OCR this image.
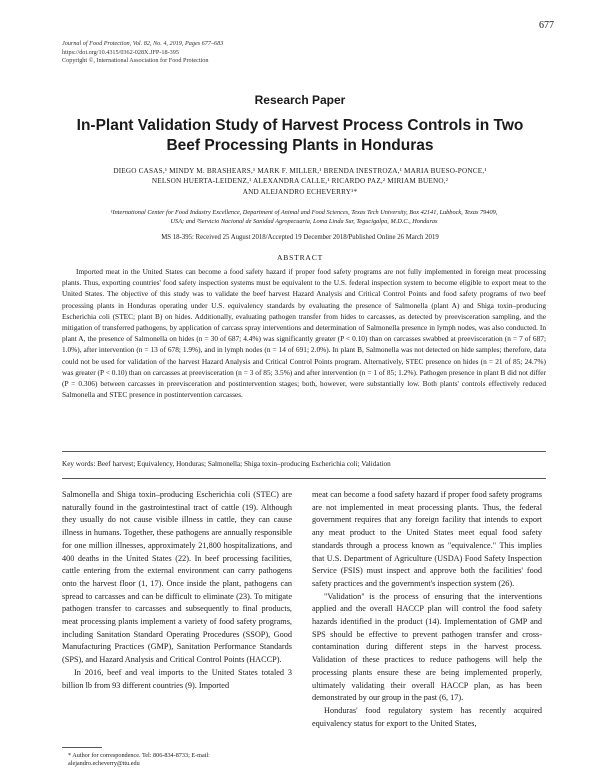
677
Journal of Food Protection, Vol. 82, No. 4, 2019, Pages 677–683
https://doi.org/10.4315/0362-028X.JFP-18-395
Copyright ©, International Association for Food Protection
Research Paper
In-Plant Validation Study of Harvest Process Controls in Two
Beef Processing Plants in Honduras
DIEGO CASAS,¹ MINDY M. BRASHEARS,¹ MARK F. MILLER,¹ BRENDA INESTROZA,¹ MARIA BUESO-PONCE,¹
NELSON HUERTA-LEIDENZ,¹ ALEXANDRA CALLE,¹ RICARDO PAZ,² MIRIAM BUENO,²
AND ALEJANDRO ECHEVERRY¹*
¹International Center for Food Industry Excellence, Department of Animal and Food Sciences, Texas Tech University, Box 42141, Lubbock, Texas 79409,
USA; and ²Servicio Nacional de Sanidad Agropecuaria, Loma Linda Sur, Tegucigalpa, M.D.C., Honduras
MS 18-395: Received 25 August 2018/Accepted 19 December 2018/Published Online 26 March 2019
ABSTRACT
Imported meat in the United States can become a food safety hazard if proper food safety programs are not fully implemented in foreign meat processing plants. Thus, exporting countries' food safety inspection systems must be equivalent to the U.S. federal inspection system to become eligible to export meat to the United States. The objective of this study was to validate the beef harvest Hazard Analysis and Critical Control Points and food safety programs of two beef processing plants in Honduras operating under U.S. equivalency standards by evaluating the presence of Salmonella (plant A) and Shiga toxin–producing Escherichia coli (STEC; plant B) on hides. Additionally, evaluating pathogen transfer from hides to carcasses, as detected by preevisceration sampling, and the mitigation of transferred pathogens, by application of carcass spray interventions and determination of Salmonella presence in lymph nodes, was also conducted. In plant A, the presence of Salmonella on hides (n = 30 of 687; 4.4%) was significantly greater (P < 0.10) than on carcasses swabbed at preevisceration (n = 7 of 687; 1.0%), after intervention (n = 13 of 678; 1.9%), and in lymph nodes (n = 14 of 691; 2.0%). In plant B, Salmonella was not detected on hide samples; therefore, data could not be used for validation of the harvest Hazard Analysis and Critical Control Points program. Alternatively, STEC presence on hides (n = 21 of 85; 24.7%) was greater (P < 0.10) than on carcasses at preevisceration (n = 3 of 85; 3.5%) and after intervention (n = 1 of 85; 1.2%). Pathogen presence in plant B did not differ (P = 0.306) between carcasses in preevisceration and postintervention stages; both, however, were substantially low. Both plants' controls effectively reduced Salmonella and STEC presence in postintervention carcasses.
Key words: Beef harvest; Equivalency, Honduras; Salmonella; Shiga toxin–producing Escherichia coli; Validation

Salmonella and Shiga toxin–producing Escherichia coli (STEC) are naturally found in the gastrointestinal tract of cattle (19). Although they usually do not cause visible illness in cattle, they can cause illness in humans. Together, these pathogens are annually responsible for one million illnesses, approximately 21,800 hospitalizations, and 400 deaths in the United States (22). In beef processing facilities, cattle entering from the external environment can carry pathogens onto the harvest floor (1, 17). Once inside the plant, pathogens can spread to carcasses and can be difficult to eliminate (23). To mitigate pathogen transfer to carcasses and subsequently to final products, meat processing plants implement a variety of food safety programs, including Sanitation Standard Operating Procedures (SSOP), Good Manufacturing Practices (GMP), Sanitation Performance Standards (SPS), and Hazard Analysis and Critical Control Points (HACCP).

In 2016, beef and veal imports to the United States totaled 3 billion lb from 93 different countries (9). Imported

* Author for correspondence. Tel: 806-834-8733; E-mail:
alejandro.echeverry@ttu.edu

meat can become a food safety hazard if proper food safety programs are not implemented in meat processing plants. Thus, the federal government requires that any foreign facility that intends to export any meat product to the United States meet equal food safety standards through a process known as "equivalence." This implies that U.S. Department of Agriculture (USDA) Food Safety Inspection Service (FSIS) must inspect and approve both the facilities' food safety practices and the government's inspection system (26).

"Validation" is the process of ensuring that the interventions applied and the overall HACCP plan will control the food safety hazards identified in the product (14). Implementation of GMP and SPS should be effective to prevent pathogen transfer and cross-contamination during different steps in the harvest process. Validation of these practices to reduce pathogens will help the processing plants ensure these are being implemented properly, ultimately validating their overall HACCP plan, as has been demonstrated by our group in the past (6, 17).

Honduras' food regulatory system has recently acquired equivalency status for export to the United States,
